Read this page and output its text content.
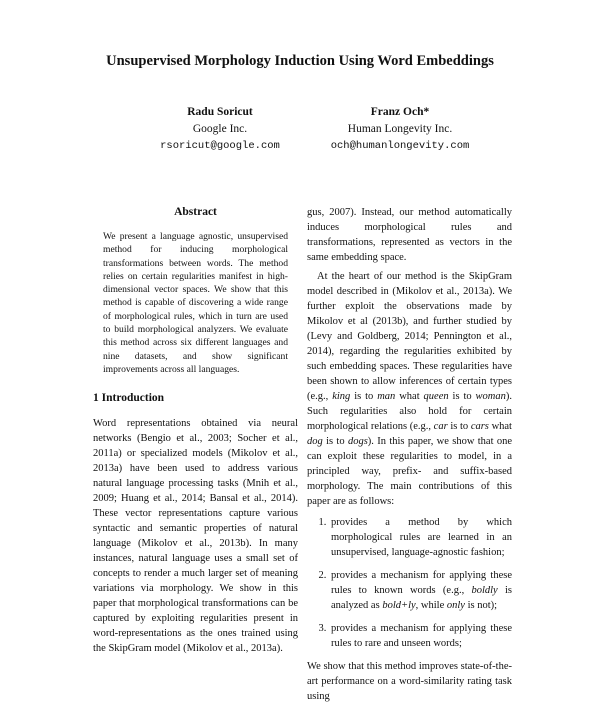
Unsupervised Morphology Induction Using Word Embeddings
Radu Soricut
Google Inc.
rsoricut@google.com
Franz Och*
Human Longevity Inc.
och@humanlongevity.com
Abstract

We present a language agnostic, unsupervised method for inducing morphological transformations between words. The method relies on certain regularities manifest in high-dimensional vector spaces. We show that this method is capable of discovering a wide range of morphological rules, which in turn are used to build morphological analyzers. We evaluate this method across six different languages and nine datasets, and show significant improvements across all languages.

1 Introduction

Word representations obtained via neural networks (Bengio et al., 2003; Socher et al., 2011a) or specialized models (Mikolov et al., 2013a) have been used to address various natural language processing tasks (Mnih et al., 2009; Huang et al., 2014; Bansal et al., 2014). These vector representations capture various syntactic and semantic properties of natural language (Mikolov et al., 2013b). In many instances, natural language uses a small set of concepts to render a much larger set of meaning variations via morphology. We show in this paper that morphological transformations can be captured by exploiting regularities present in word-representations as the ones trained using the SkipGram model (Mikolov et al., 2013a).

gus, 2007). Instead, our method automatically induces morphological rules and transformations, represented as vectors in the same embedding space.

At the heart of our method is the SkipGram model described in (Mikolov et al., 2013a). We further exploit the observations made by Mikolov et al (2013b), and further studied by (Levy and Goldberg, 2014; Pennington et al., 2014), regarding the regularities exhibited by such embedding spaces. These regularities have been shown to allow inferences of certain types (e.g., king is to man what queen is to woman). Such regularities also hold for certain morphological relations (e.g., car is to cars what dog is to dogs). In this paper, we show that one can exploit these regularities to model, in a principled way, prefix- and suffix-based morphology. The main contributions of this paper are as follows:

1. provides a method by which morphological rules are learned in an unsupervised, language-agnostic fashion;
2. provides a mechanism for applying these rules to known words (e.g., boldly is analyzed as bold+ly, while only is not);
3. provides a mechanism for applying these rules to rare and unseen words;

We show that this method improves state-of-the-art performance on a word-similarity rating task using
